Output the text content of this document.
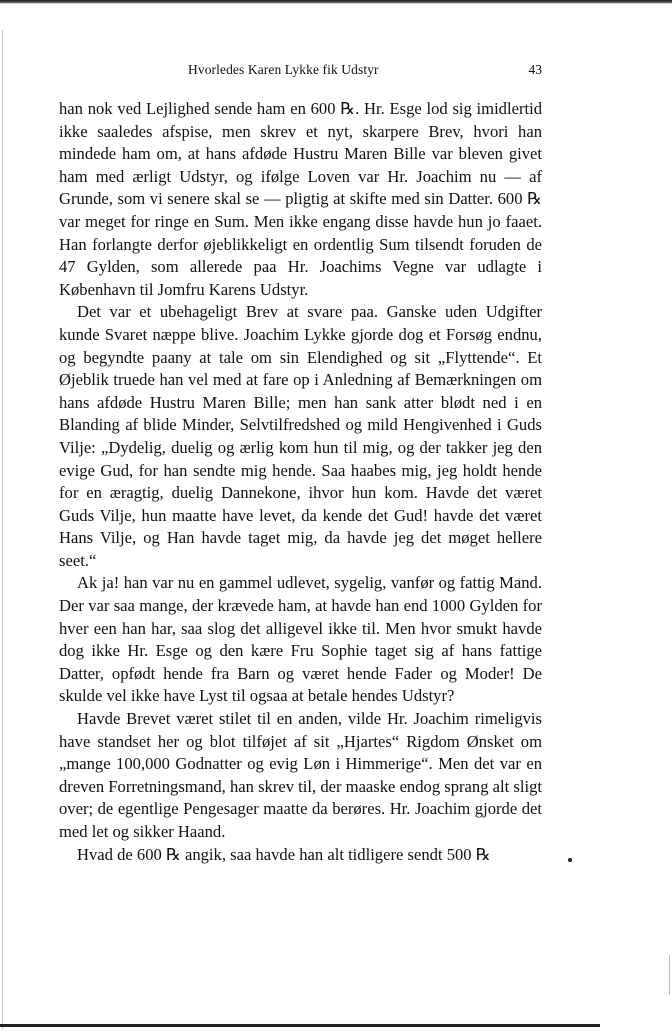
Hvorledes Karen Lykke fik Udstyr	43

han nok ved Lejlighed sende ham en 600 ℞. Hr. Esge lod sig imidlertid ikke saaledes afspise, men skrev et nyt, skarpere Brev, hvori han mindede ham om, at hans afdøde Hustru Maren Bille var bleven givet ham med ærligt Udstyr, og ifølge Loven var Hr. Joachim nu — af Grunde, som vi senere skal se — pligtig at skifte med sin Datter. 600 ℞ var meget for ringe en Sum. Men ikke engang disse havde hun jo faaet. Han forlangte derfor øjeblikkeligt en ordentlig Sum tilsendt foruden de 47 Gylden, som allerede paa Hr. Joachims Vegne var udlagte i København til Jomfru Karens Udstyr.

Det var et ubehageligt Brev at svare paa. Ganske uden Udgifter kunde Svaret næppe blive. Joachim Lykke gjorde dog et Forsøg endnu, og begyndte paany at tale om sin Elendighed og sit „Flyttende“. Et Øjeblik truede han vel med at fare op i Anledning af Bemærkningen om hans afdøde Hustru Maren Bille; men han sank atter blødt ned i en Blanding af blide Minder, Selvtilfredshed og mild Hengivenhed i Guds Vilje: „Dydelig, duelig og ærlig kom hun til mig, og der takker jeg den evige Gud, for han sendte mig hende. Saa haabes mig, jeg holdt hende for en æragtig, duelig Dannekone, ihvor hun kom. Havde det været Guds Vilje, hun maatte have levet, da kende det Gud! havde det været Hans Vilje, og Han havde taget mig, da havde jeg det møget hellere seet.“

Ak ja! han var nu en gammel udlevet, sygelig, vanfør og fattig Mand. Der var saa mange, der krævede ham, at havde han end 1000 Gylden for hver een han har, saa slog det alligevel ikke til. Men hvor smukt havde dog ikke Hr. Esge og den kære Fru Sophie taget sig af hans fattige Datter, opfødt hende fra Barn og været hende Fader og Moder! De skulde vel ikke have Lyst til ogsaa at betale hendes Udstyr?

Havde Brevet været stilet til en anden, vilde Hr. Joachim rimeligvis have standset her og blot tilføjet af sit „Hjartes“ Rigdom Ønsket om „mange 100,000 Godnatter og evig Løn i Himmerige“. Men det var en dreven Forretningsmand, han skrev til, der maaske endog sprang alt sligt over; de egentlige Pengesager maatte da berøres. Hr. Joachim gjorde det med let og sikker Haand.

Hvad de 600 ℞ angik, saa havde han alt tidligere sendt 500 ℞
